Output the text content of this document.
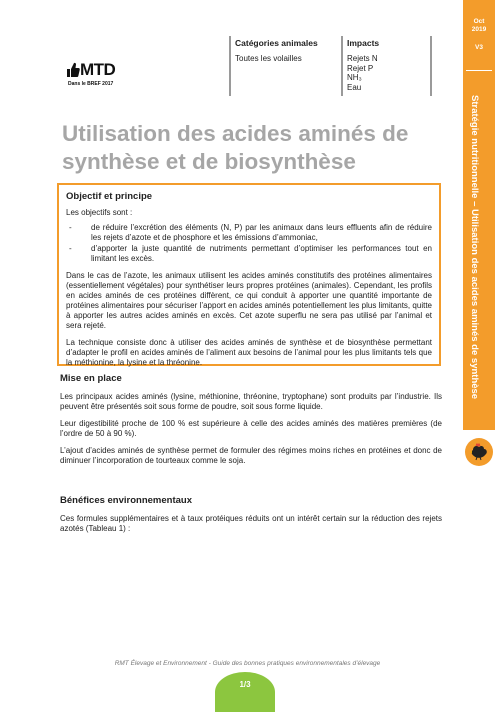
Oct
2019
V3
Stratégie nutritionnelle – Utilisation des acides aminés de synthèse
MTD
Dans le BREF 2017
Catégories animales
Toutes les volailles
Impacts
Rejets N
Rejet P
NH₃
Eau
Utilisation des acides aminés de synthèse et de biosynthèse
Objectif et principe

Les objectifs sont :

- de réduire l’excrétion des éléments (N, P) par les animaux dans leurs effluents afin de réduire les rejets d’azote et de phosphore et les émissions d’ammoniac,
- d’apporter la juste quantité de nutriments permettant d’optimiser les performances tout en limitant les excès.

Dans le cas de l’azote, les animaux utilisent les acides aminés constitutifs des protéines alimentaires (essentiellement végétales) pour synthétiser leurs propres protéines (animales). Cependant, les profils en acides aminés de ces protéines diffèrent, ce qui conduit à apporter une quantité importante de protéines alimentaires pour sécuriser l’apport en acides aminés potentiellement les plus limitants, quitte à apporter les autres acides aminés en excès. Cet azote superflu ne sera pas utilisé par l’animal et sera rejeté.

La technique consiste donc à utiliser des acides aminés de synthèse et de biosynthèse permettant d’adapter le profil en acides aminés de l’aliment aux besoins de l’animal pour les plus limitants tels que la méthionine, la lysine et la thréonine.

Mise en place

Les principaux acides aminés (lysine, méthionine, thréonine, tryptophane) sont produits par l’industrie. Ils peuvent être présentés soit sous forme de poudre, soit sous forme liquide.

Leur digestibilité proche de 100 % est supérieure à celle des acides aminés des matières premières (de l’ordre de 50 à 90 %).

L’ajout d’acides aminés de synthèse permet de formuler des régimes moins riches en protéines et donc de diminuer l’incorporation de tourteaux comme le soja.

Bénéfices environnementaux

Ces formules supplémentaires et à taux protéiques réduits ont un intérêt certain sur la réduction des rejets azotés (Tableau 1) :

RMT Élevage et Environnement - Guide des bonnes pratiques environnementales d’élevage
1/3
